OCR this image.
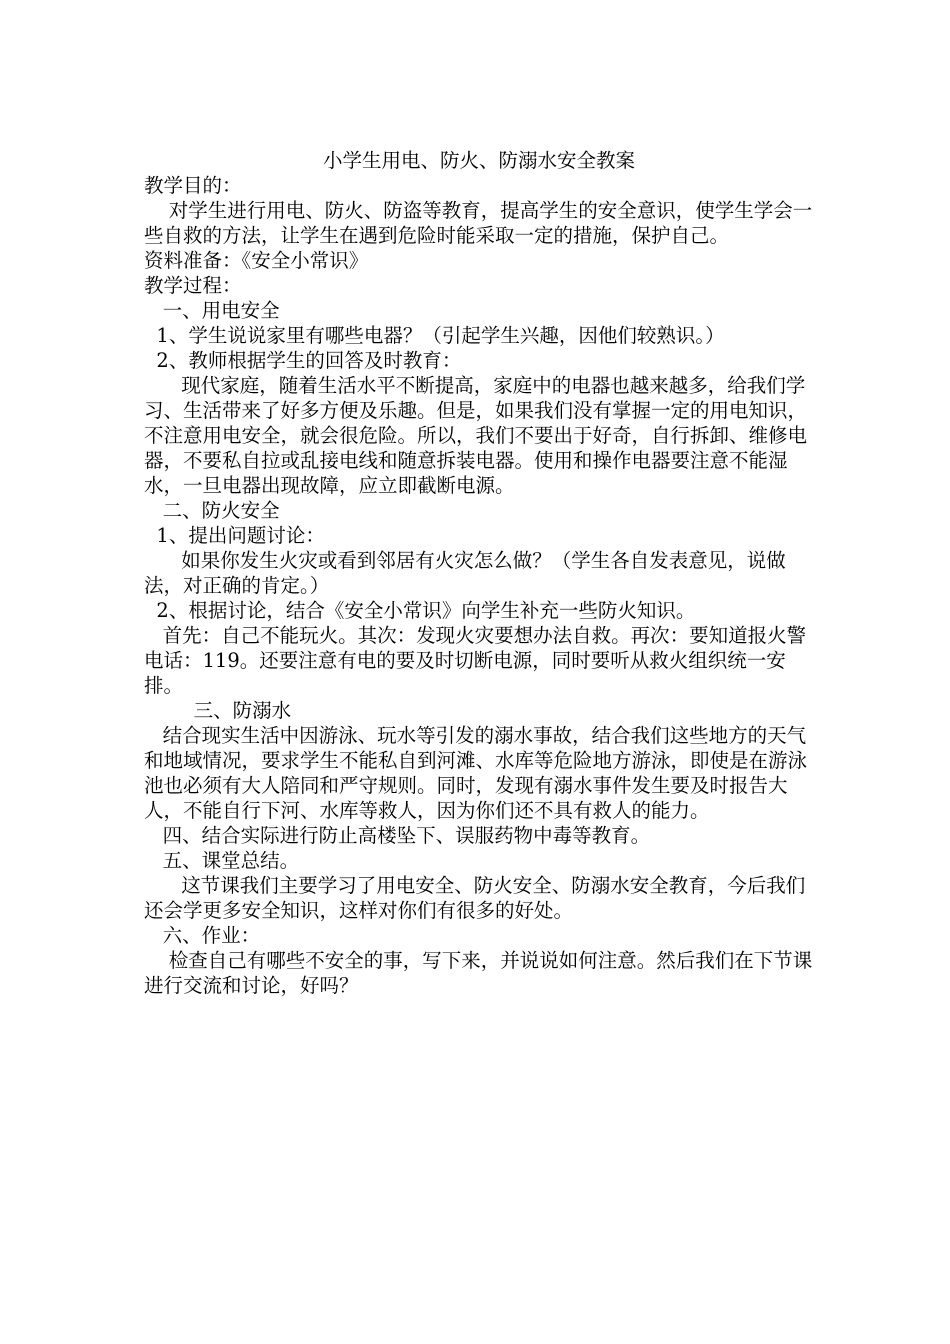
小学生用电、防火、防溺水安全教案

教学目的：

对学生进行用电、防火、防盗等教育，提高学生的安全意识，使学生学会一些自救的方法，让学生在遇到危险时能采取一定的措施，保护自己。

资料准备：《安全小常识》

教学过程：

一、用电安全

1、学生说说家里有哪些电器？（引起学生兴趣，因他们较熟识。）

2、教师根据学生的回答及时教育：

现代家庭，随着生活水平不断提高，家庭中的电器也越来越多，给我们学习、生活带来了好多方便及乐趣。但是，如果我们没有掌握一定的用电知识，不注意用电安全，就会很危险。所以，我们不要出于好奇，自行拆卸、维修电器，不要私自拉或乱接电线和随意拆装电器。使用和操作电器要注意不能湿水，一旦电器出现故障，应立即截断电源。

二、防火安全

1、提出问题讨论：

如果你发生火灾或看到邻居有火灾怎么做？（学生各自发表意见，说做法，对正确的肯定。）

2、根据讨论，结合《安全小常识》向学生补充一些防火知识。

首先：自己不能玩火。其次：发现火灾要想办法自救。再次：要知道报火警电话：119。还要注意有电的要及时切断电源，同时要听从救火组织统一安排。

三、防溺水

结合现实生活中因游泳、玩水等引发的溺水事故，结合我们这些地方的天气和地域情况，要求学生不能私自到河滩、水库等危险地方游泳，即使是在游泳池也必须有大人陪同和严守规则。同时，发现有溺水事件发生要及时报告大人，不能自行下河、水库等救人，因为你们还不具有救人的能力。

四、结合实际进行防止高楼坠下、误服药物中毒等教育。

五、课堂总结。

这节课我们主要学习了用电安全、防火安全、防溺水安全教育，今后我们还会学更多安全知识，这样对你们有很多的好处。

六、作业：

检查自己有哪些不安全的事，写下来，并说说如何注意。然后我们在下节课进行交流和讨论，好吗？
